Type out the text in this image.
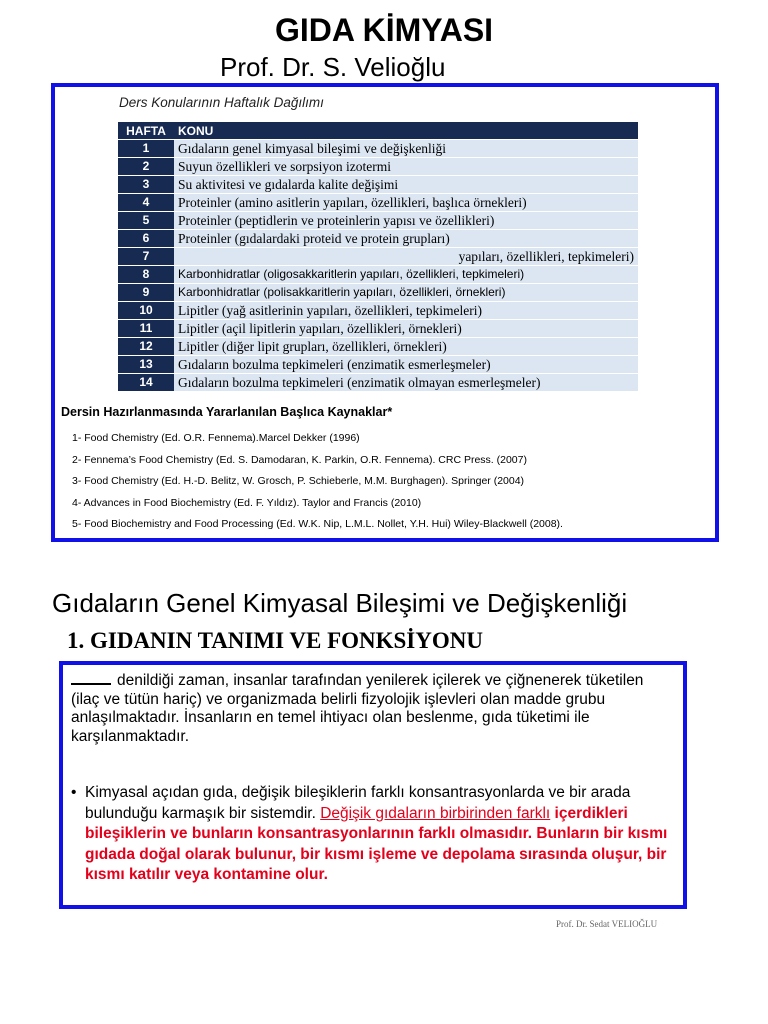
GIDA KİMYASI
Prof. Dr. S. Velioğlu
Ders Konularının Haftalık Dağılımı
HAFTA	KONU
1	Gıdaların genel kimyasal bileşimi ve değişkenliği
2	Suyun özellikleri ve sorpsiyon izotermi
3	Su aktivitesi ve gıdalarda kalite değişimi
4	Proteinler (amino asitlerin yapıları, özellikleri, başlıca örnekleri)
5	Proteinler (peptidlerin ve proteinlerin yapısı ve özellikleri)
6	Proteinler (gıdalardaki proteid ve protein grupları)
7	yapıları, özellikleri, tepkimeleri)
8	Karbonhidratlar (oligosakkaritlerin yapıları, özellikleri, tepkimeleri)
9	Karbonhidratlar (polisakkaritlerin yapıları, özellikleri, örnekleri)
10	Lipitler (yağ asitlerinin yapıları, özellikleri, tepkimeleri)
11	Lipitler (açil lipitlerin yapıları, özellikleri, örnekleri)
12	Lipitler (diğer lipit grupları, özellikleri, örnekleri)
13	Gıdaların bozulma tepkimeleri (enzimatik esmerleşmeler)
14	Gıdaların bozulma tepkimeleri (enzimatik olmayan esmerleşmeler)
Dersin Hazırlanmasında Yararlanılan Başlıca Kaynaklar*
1- Food Chemistry (Ed. O.R. Fennema).Marcel Dekker (1996)
2- Fennema’s Food Chemistry (Ed. S. Damodaran, K. Parkin, O.R. Fennema). CRC Press. (2007)
3- Food Chemistry (Ed. H.-D. Belitz, W. Grosch, P. Schieberle, M.M. Burghagen). Springer (2004)
4- Advances in Food Biochemistry (Ed. F. Yıldız). Taylor and Francis (2010)
5- Food Biochemistry and Food Processing (Ed. W.K. Nip, L.M.L. Nollet, Y.H. Hui) Wiley-Blackwell (2008).
Gıdaların Genel Kimyasal Bileşimi ve Değişkenliği
1. GIDANIN TANIMI VE FONKSİYONU
denildiği zaman, insanlar tarafından yenilerek içilerek ve çiğnenerek tüketilen (ilaç ve tütün hariç) ve organizmada belirli fizyolojik işlevleri olan madde grubu anlaşılmaktadır. İnsanların en temel ihtiyacı olan beslenme, gıda tüketimi ile karşılanmaktadır.
• Kimyasal açıdan gıda, değişik bileşiklerin farklı konsantrasyonlarda ve bir arada bulunduğu karmaşık bir sistemdir. Değişik gıdaların birbirinden farklı içerdikleri bileşiklerin ve bunların konsantrasyonlarının farklı olmasıdır. Bunların bir kısmı gıdada doğal olarak bulunur, bir kısmı işleme ve depolama sırasında oluşur, bir kısmı katılır veya kontamine olur.
Prof. Dr. Sedat VELIOĞLU
